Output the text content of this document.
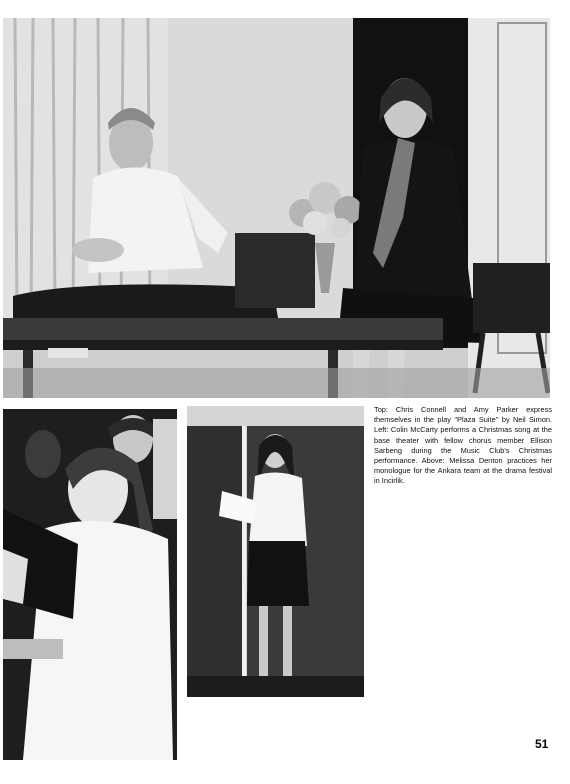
Top: Chris Connell and Amy Parker express themselves in the play ''Plaza Suite'' by Neil Simon. Left: Colin McCarty performs a Christmas song at the base theater with fellow chorus member Ellison Sarbeng during the Music Club's Christmas performance. Above: Melissa Denton practices her monologue for the Ankara team at the drama festival in Incirlik.

51
